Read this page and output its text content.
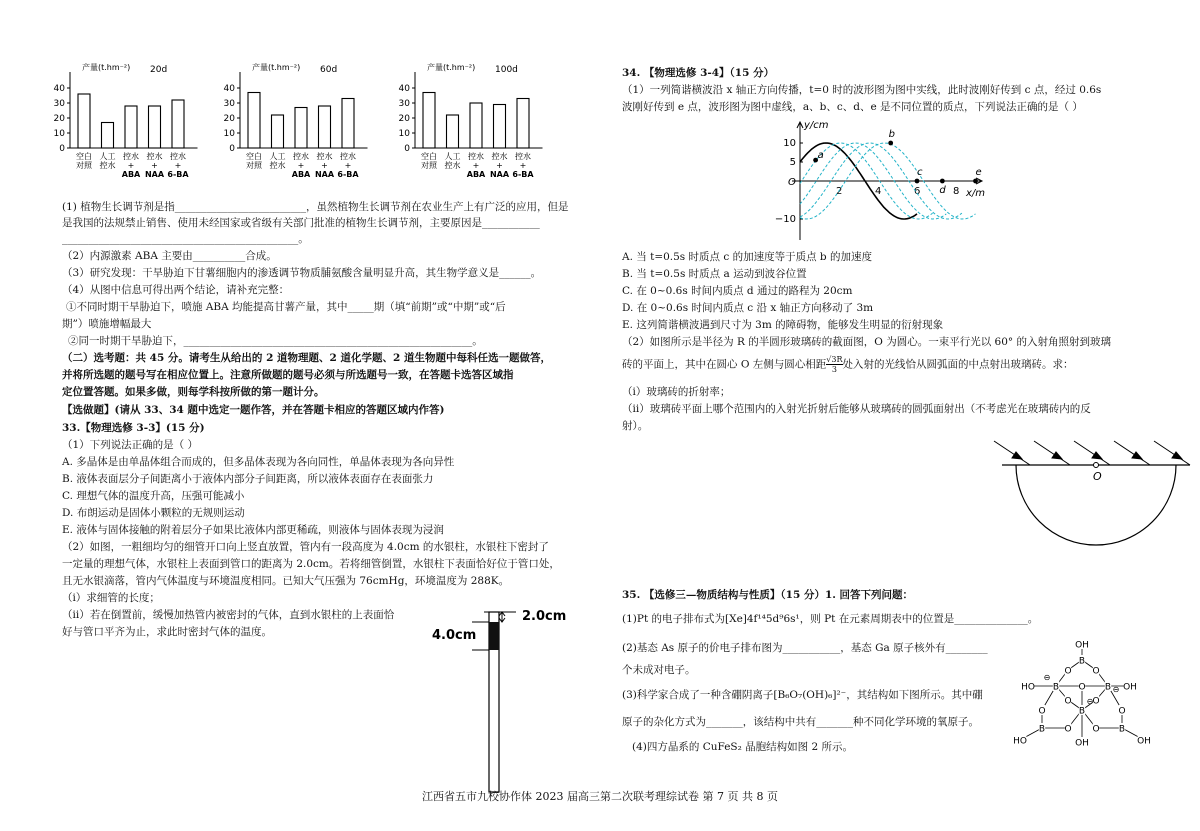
产量(t.hm⁻²) 20d
0
10
20
30
40
空白
对照
人工
控水
控水
+
ABA
控水
+
NAA
控水
+
6-BA
产量(t.hm⁻²) 60d
0
10
20
30
40
空白
对照
人工
控水
控水
+
ABA
控水
+
NAA
控水
+
6-BA
产量(t.hm⁻²) 100d
0
10
20
30
40
空白
对照
人工
控水
控水
+
ABA
控水
+
NAA
控水
+
6-BA
(1) 植物生长调节剂是指_________________________，虽然植物生长调节剂在农业生产上有广泛的应用，但是
是我国的法规禁止销售、使用未经国家或省级有关部门批准的植物生长调节剂，主要原因是___________
_____________________________________________。
（2）内源激素 ABA 主要由__________合成。
（3）研究发现：干旱胁迫下甘薯细胞内的渗透调节物质脯氨酸含量明显升高，其生物学意义是______。
（4）从图中信息可得出两个结论，请补充完整：
①不同时期干旱胁迫下，喷施 ABA 均能提高甘薯产量，其中_____期（填“前期”或“中期”或“后
期”）喷施增幅最大
②同一时期干旱胁迫下，_______________________________________________________。
（二）选考题：共 45 分。请考生从给出的 2 道物理题、2 道化学题、2 道生物题中每科任选一题做答，
并将所选题的题号写在相应位置上。注意所做题的题号必须与所选题号一致，在答题卡选答区域指
定位置答题。如果多做，则每学科按所做的第一题计分。
【选做题】(请从 33、34 题中选定一题作答，并在答题卡相应的答题区域内作答)
33.【物理选修 3-3】(15 分)
（1）下列说法正确的是（ ）
A. 多晶体是由单晶体组合而成的，但多晶体表现为各向同性，单晶体表现为各向异性
B. 液体表面层分子间距离小于液体内部分子间距离，所以液体表面存在表面张力
C. 理想气体的温度升高，压强可能减小
D. 布朗运动是固体小颗粒的无规则运动
E. 液体与固体接触的附着层分子如果比液体内部更稀疏，则液体与固体表现为浸润
（2）如图，一粗细均匀的细管开口向上竖直放置，管内有一段高度为 4.0cm 的水银柱，水银柱下密封了
一定量的理想气体，水银柱上表面到管口的距离为 2.0cm。若将细管倒置，水银柱下表面恰好位于管口处，
且无水银滴落，管内气体温度与环境温度相同。已知大气压强为 76cmHg，环境温度为 288K。
（i）求细管的长度；
（ii）若在倒置前，缓慢加热管内被密封的气体，直到水银柱的上表面恰
好与管口平齐为止，求此时密封气体的温度。
2.0cm
4.0cm
34. 【物理选修 3-4】（15 分）
（1）一列简谐横波沿 x 轴正方向传播，t=0 时的波形图为图中实线，此时波刚好传到 c 点，经过 0.6s
波刚好传到 e 点，波形图为图中虚线，a、b、c、d、e 是不同位置的质点，下列说法正确的是（ ）
y/cm
x/m
O
10
5
−10
2	4	6	8
a
b
c
d
e
A. 当 t=0.5s 时质点 c 的加速度等于质点 b 的加速度
B. 当 t=0.5s 时质点 a 运动到波谷位置
C. 在 0~0.6s 时间内质点 d 通过的路程为 20cm
D. 在 0~0.6s 时间内质点 c 沿 x 轴正方向移动了 3m
E. 这列简谐横波遇到尺寸为 3m 的障碍物，能够发生明显的衍射现象
（2）如图所示是半径为 R 的半圆形玻璃砖的截面图，O 为圆心。一束平行光以 60° 的入射角照射到玻璃
砖的平面上，其中在圆心 O 左侧与圆心相距 $\frac{√3R}{3}$ 处入射的光线恰从圆弧面的中点射出玻璃砖。求：
（i）玻璃砖的折射率；
（ii）玻璃砖平面上哪个范围内的入射光折射后能够从玻璃砖的圆弧面射出（不考虑光在玻璃砖内的反
射）。
O
35. 【选修三—物质结构与性质】（15 分）1. 回答下列问题：
(1)Pt 的电子排布式为[Xe]4f¹⁴5d⁹6s¹，则 Pt 在元素周期表中的位置是______________。
(2)基态 As 原子的价电子排布图为___________，基态 Ga 原子核外有________
个未成对电子。
(3)科学家合成了一种含硼阴离子[B₆O₇(OH)₆]²⁻，其结构如下图所示。其中硼
原子的杂化方式为_______，该结构中共有_______种不同化学环境的氧原子。
(4)四方晶系的 CuFeS₂ 晶胞结构如图 2 所示。
OH
B
O O
HO B O B OH
O O
O	B	O
B O O B
HO	OH	OH
⊖
⊖
⊖
江西省五市九校协作体 2023 届高三第二次联考理综试卷 第 7 页 共 8 页
